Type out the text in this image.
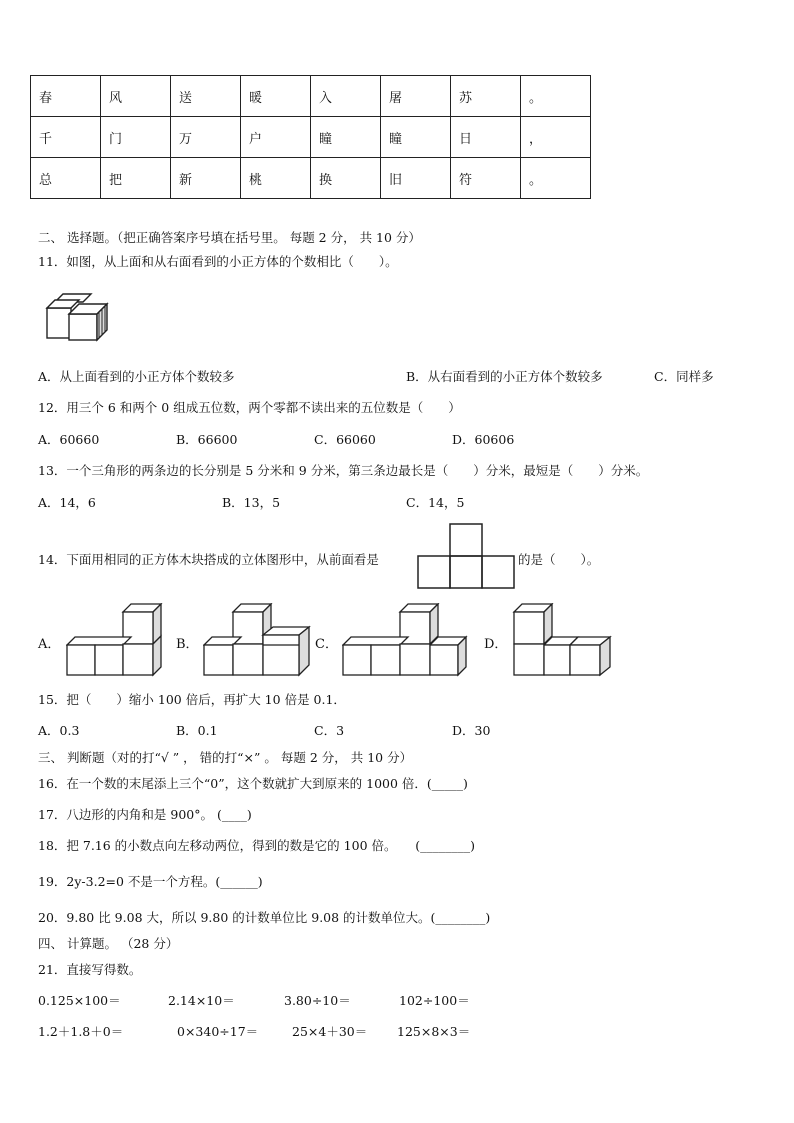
春	风	送	暖	入	屠	苏	。
千	门	万	户	瞳	瞳	日	，
总	把	新	桃	换	旧	符	。
二、 选择题。（把正确答案序号填在括号里。 每题 2 分， 共 10 分）
11．如图，从上面和从右面看到的小正方体的个数相比（　　）。
A．从上面看到的小正方体个数较多	B．从右面看到的小正方体个数较多	C．同样多
12．用三个 6 和两个 0 组成五位数，两个零都不读出来的五位数是（　　）
A．60660	B．66600	C．66060	D．60606
13．一个三角形的两条边的长分别是 5 分米和 9 分米，第三条边最长是（　　）分米，最短是（　　）分米。
A．14，6	B．13，5	C．14，5
14．下面用相同的正方体木块搭成的立体图形中，从前面看是	的是（　　）。
A．	B．	C．	D．
15．把（　　）缩小 100 倍后，再扩大 10 倍是 0.1．
A．0.3	B．0.1	C．3	D．30
三、 判断题（对的打“√ ” ， 错的打“×” 。 每题 2 分， 共 10 分）
16．在一个数的末尾添上三个“0”，这个数就扩大到原来的 1000 倍．(_____)
17．八边形的内角和是 900°。 (____)
18．把 7.16 的小数点向左移动两位，得到的数是它的 100 倍。　　(________)
19．2y-3.2=0 不是一个方程。(______)
20．9.80 比 9.08 大，所以 9.80 的计数单位比 9.08 的计数单位大。(________)
四、 计算题。 （28 分）
21．直接写得数。
0.125×100＝	2.14×10＝	3.80÷10＝	102÷100＝
1.2＋1.8＋0＝	0×340÷17＝	25×4＋30＝ 125×8×3＝
